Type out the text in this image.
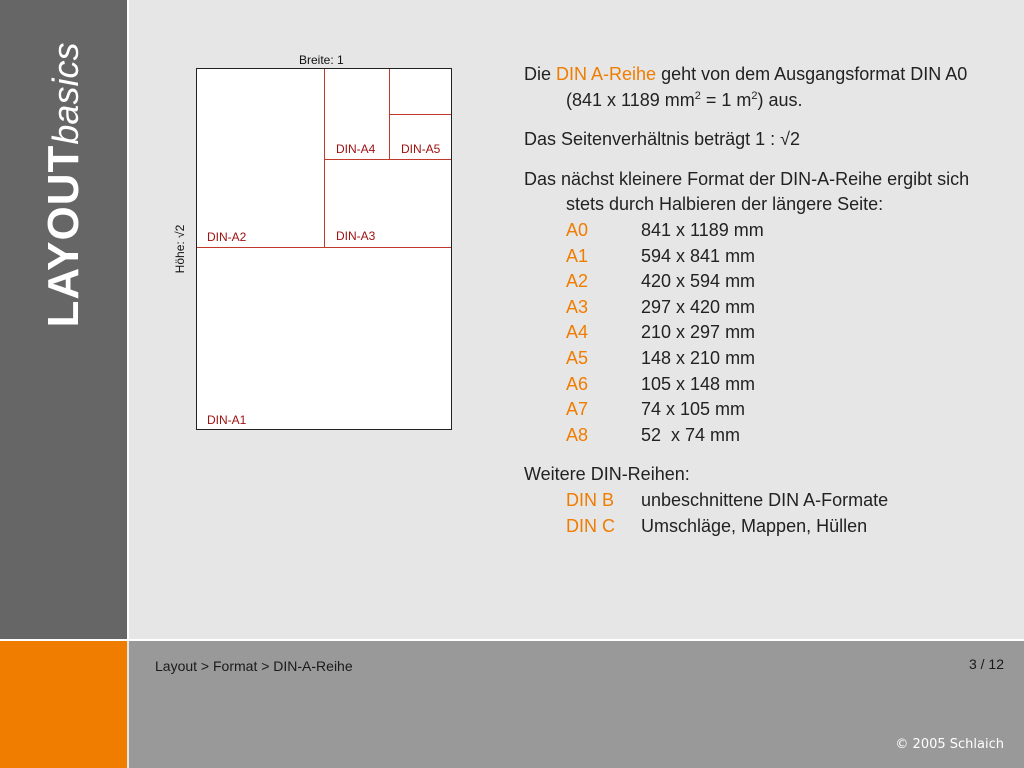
LAYOUTbasics
Layout > Format > DIN-A-Reihe	3 / 12
© 2005 Schlaich
Breite: 1
Höhe: √2
DIN-A4 DIN-A5
DIN-A2	DIN-A3
DIN-A1

Die DIN A-Reihe geht von dem Ausgangsformat DIN A0 (841 x 1189 $mm^2 = 1$ $m^2$) aus.

Das Seitenverhältnis beträgt 1 : √2

Das nächst kleinere Format der DIN-A-Reihe ergibt sich stets durch Halbieren der längere Seite:

A0	841 x 1189 mm
A1	594 x 841 mm
A2	420 x 594 mm
A3	297 x 420 mm
A4	210 x 297 mm
A5	148 x 210 mm
A6	105 x 148 mm
A7	74 x 105 mm
A8	52  x 74 mm

Weitere DIN-Reihen:

DIN B	unbeschnittene DIN A-Formate
DIN C	Umschläge, Mappen, Hüllen
